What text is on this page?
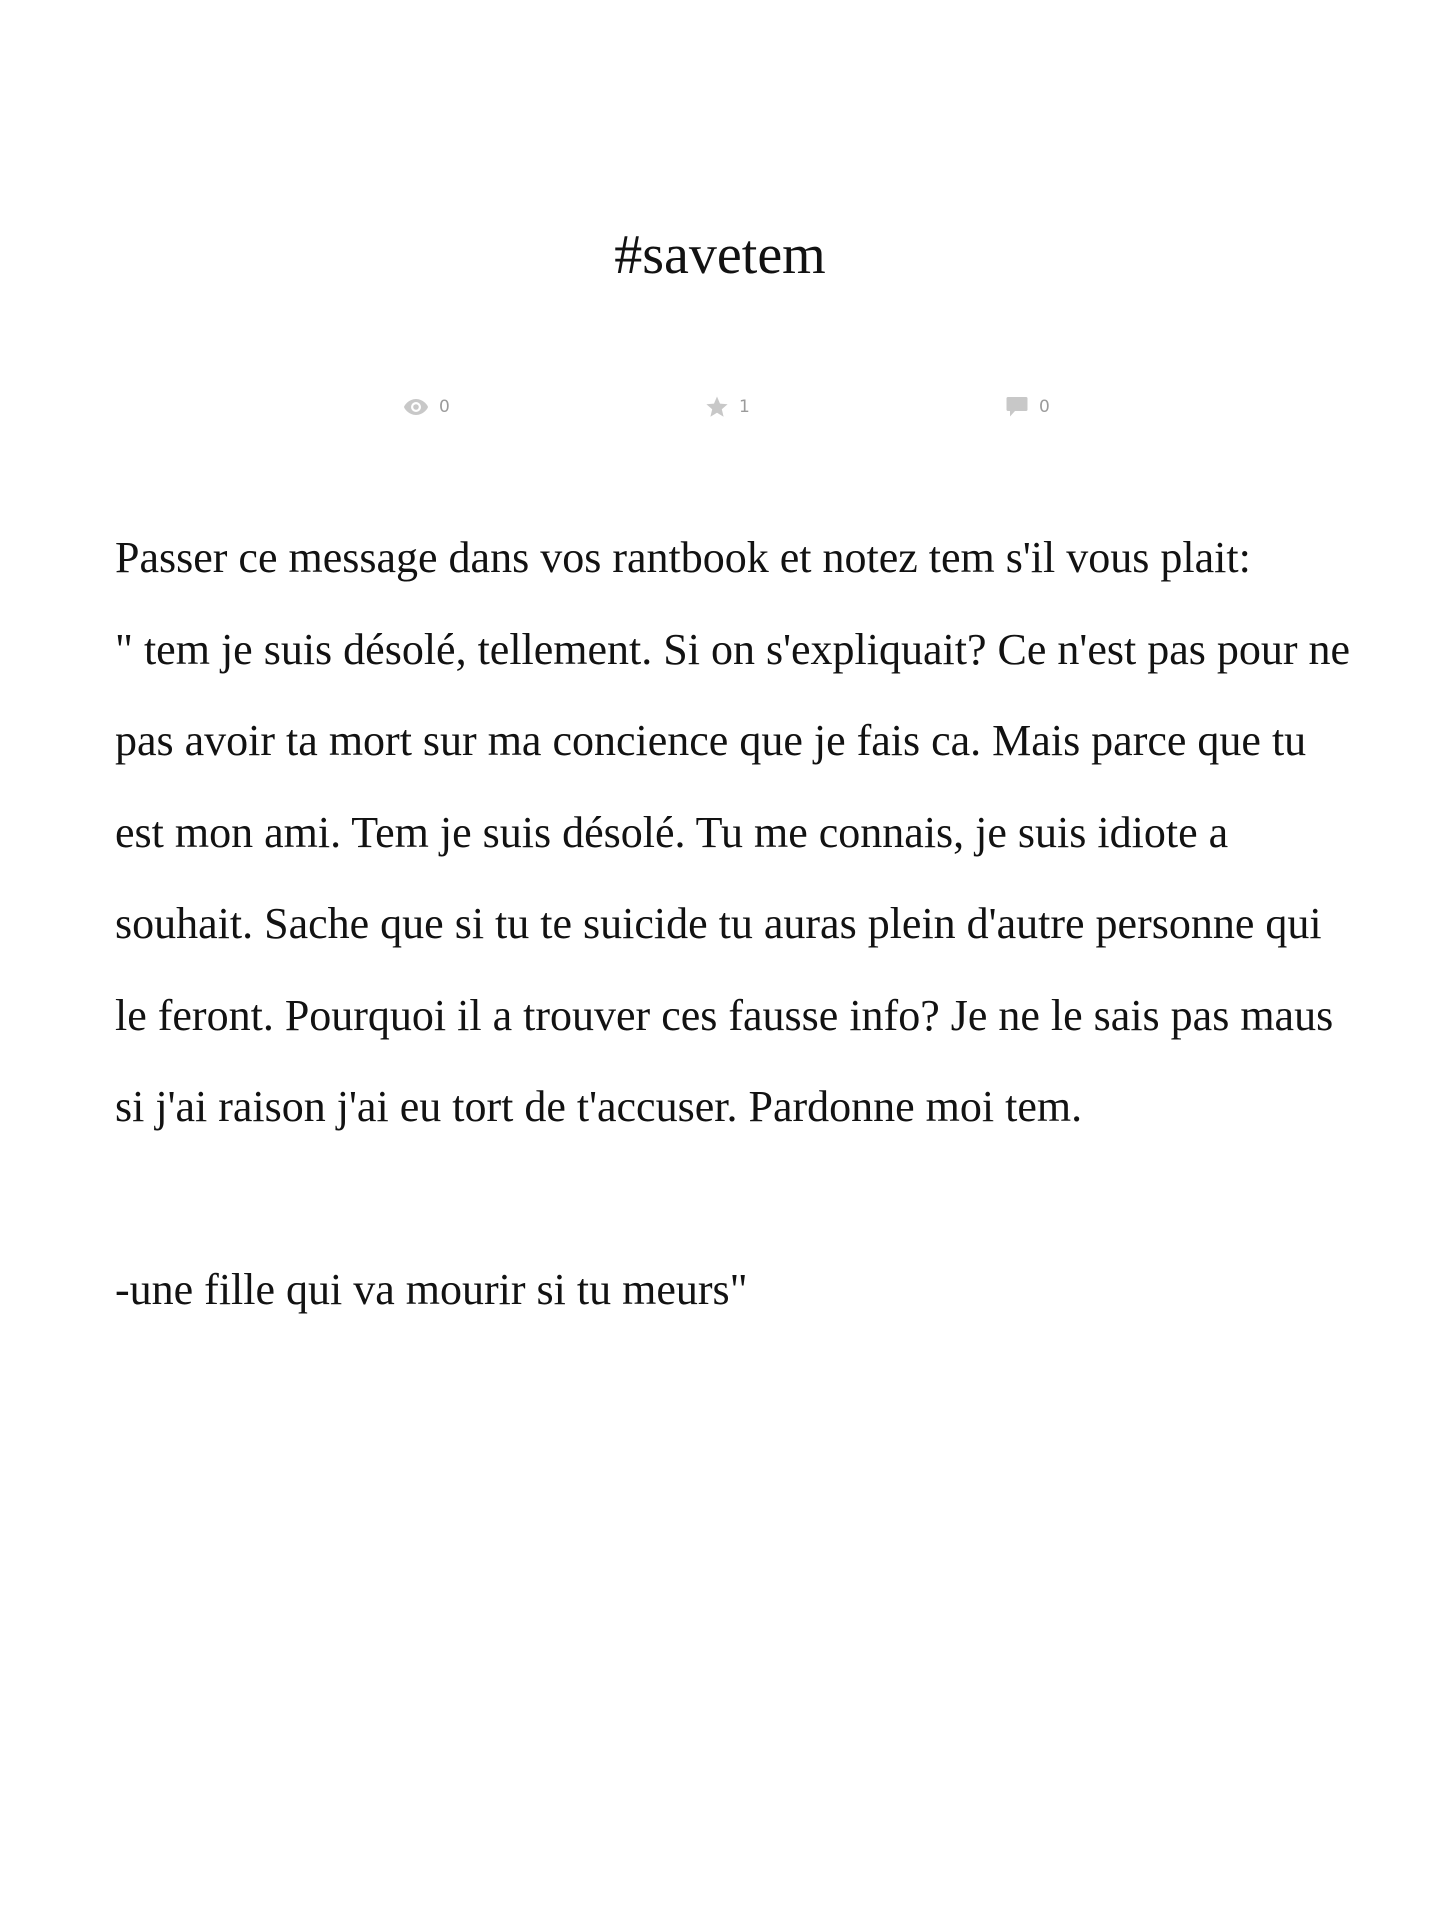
#savetem
0	1	0

Passer ce message dans vos rantbook et notez tem s'il vous plait:
" tem je suis désolé, tellement. Si on s'expliquait? Ce n'est pas pour ne pas avoir ta mort sur ma concience que je fais ca. Mais parce que tu est mon ami. Tem je suis désolé. Tu me connais, je suis idiote a souhait. Sache que si tu te suicide tu auras plein d'autre personne qui le feront. Pourquoi il a trouver ces fausse info? Je ne le sais pas maus si j'ai raison j'ai eu tort de t'accuser. Pardonne moi tem.

-une fille qui va mourir si tu meurs"
